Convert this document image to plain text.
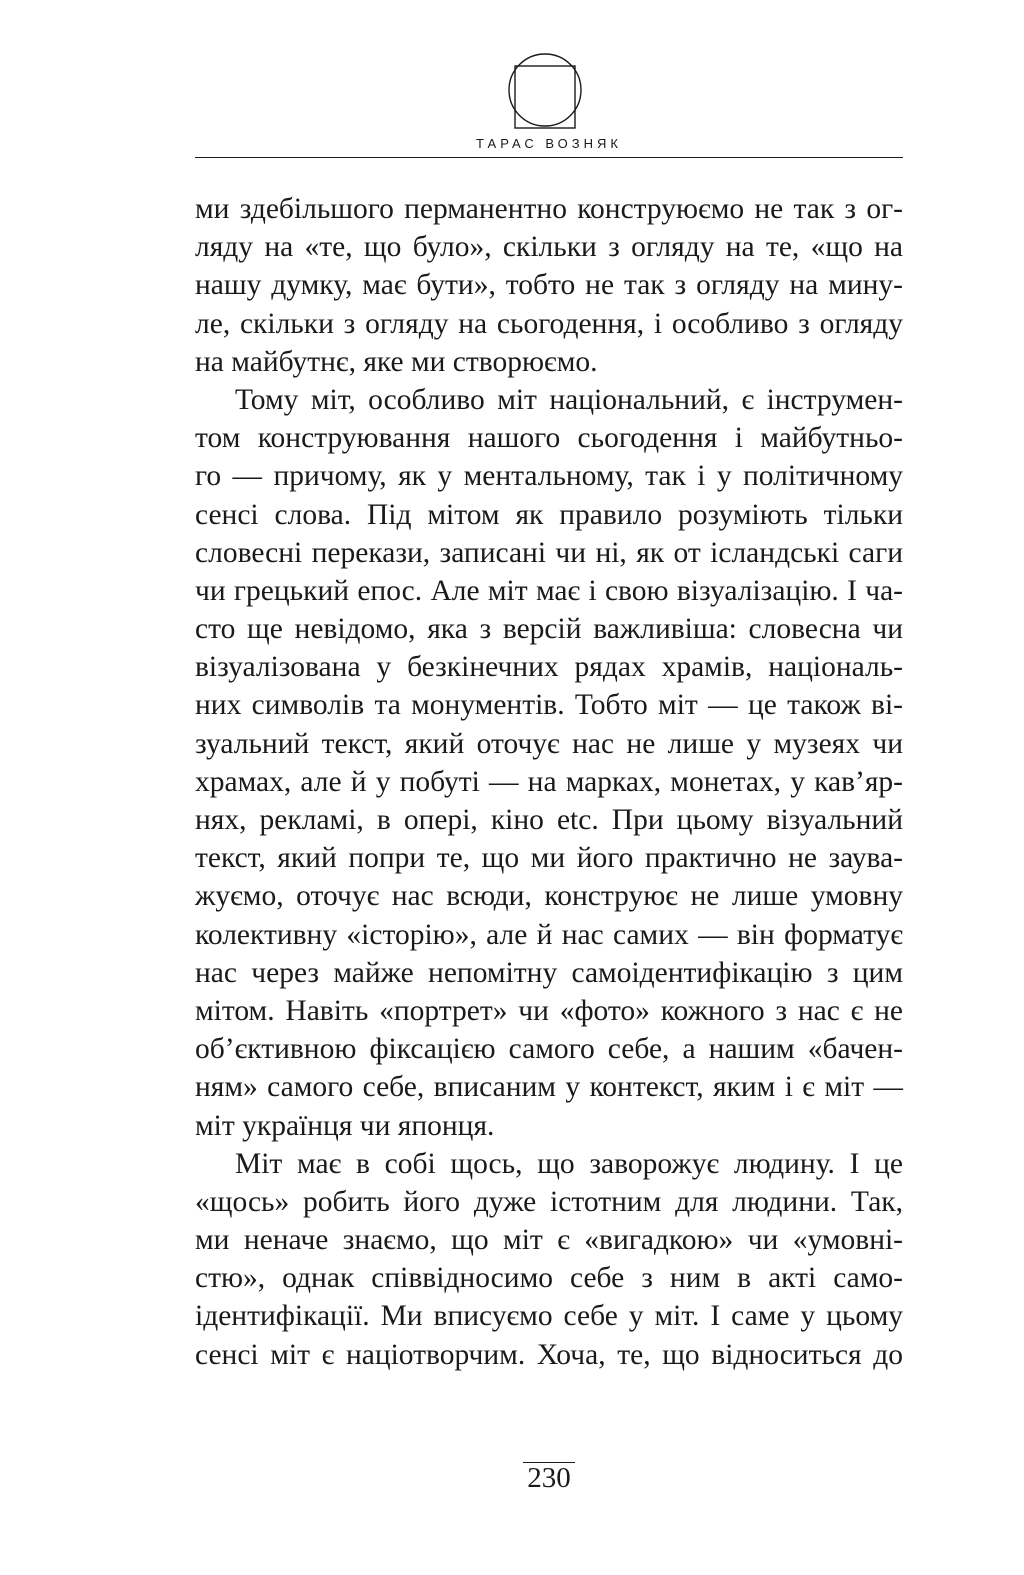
ТАРАС ВОЗНЯК
ми здебільшого перманентно конструюємо не так з ог-
ляду на «те, що було», скільки з огляду на те, «що на
нашу думку, має бути», тобто не так з огляду на мину-
ле, скільки з огляду на сьогодення, і особливо з огляду
на майбутнє, яке ми створюємо.
Тому міт, особливо міт національний, є інструмен-
том конструювання нашого сьогодення і майбутньо-
го — причому, як у ментальному, так і у політичному
сенсі слова. Під мітом як правило розуміють тільки
словесні перекази, записані чи ні, як от ісландські саги
чи грецький епос. Але міт має і свою візуалізацію. І ча-
сто ще невідомо, яка з версій важливіша: словесна чи
візуалізована у безкінечних рядах храмів, національ-
них символів та монументів. Тобто міт — це також ві-
зуальний текст, який оточує нас не лише у музеях чи
храмах, але й у побуті — на марках, монетах, у кав’яр-
нях, рекламі, в опері, кіно etc. При цьому візуальний
текст, який попри те, що ми його практично не заува-
жуємо, оточує нас всюди, конструює не лише умовну
колективну «історію», але й нас самих — він форматує
нас через майже непомітну самоідентифікацію з цим
мітом. Навіть «портрет» чи «фото» кожного з нас є не
об’єктивною фіксацією самого себе, а нашим «бачен-
ням» самого себе, вписаним у контекст, яким і є міт —
міт українця чи японця.
Міт має в собі щось, що заворожує людину. І це
«щось» робить його дуже істотним для людини. Так,
ми неначе знаємо, що міт є «вигадкою» чи «умовні-
стю», однак співвідносимо себе з ним в акті само-
ідентифікації. Ми вписуємо себе у міт. І саме у цьому
сенсі міт є націотворчим. Хоча, те, що відноситься до
230
